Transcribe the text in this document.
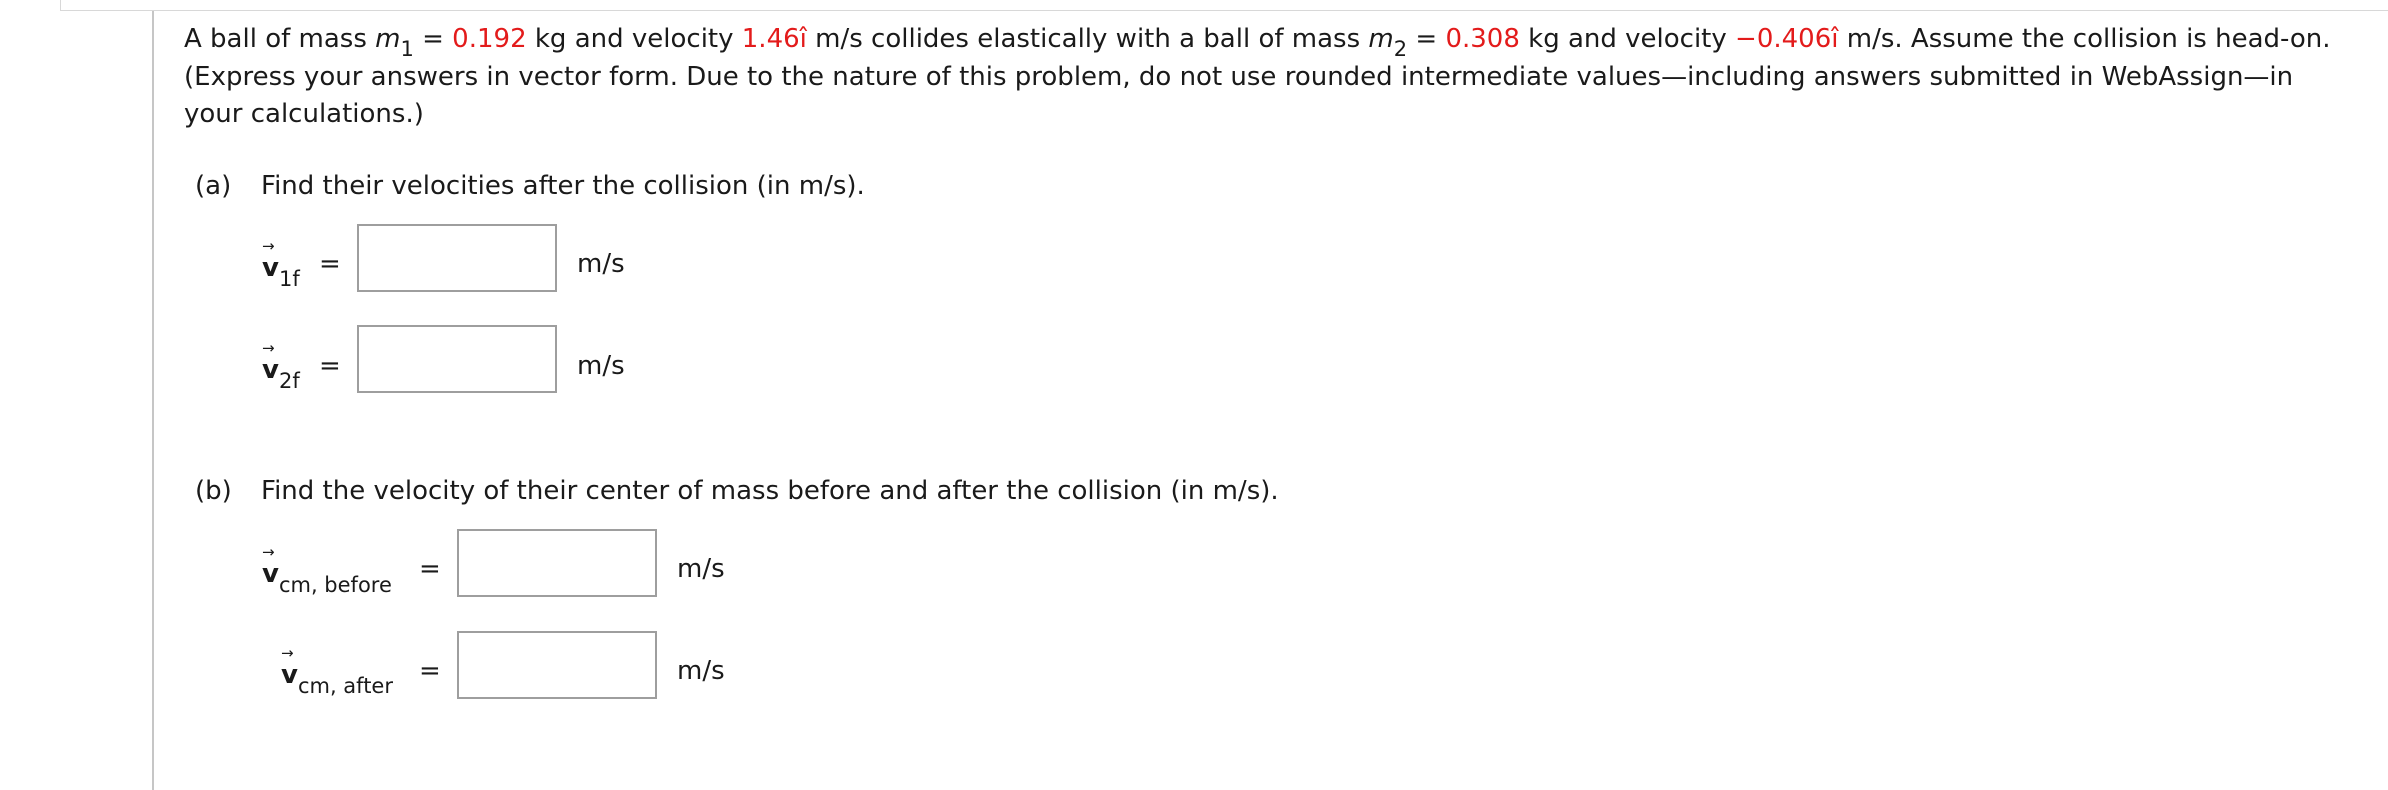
A ball of mass $m_1 = 0.192$ kg and velocity 1.46î m/s collides elastically with a ball of mass $m_2 = 0.308$ kg and velocity −0.406î m/s. Assume the collision is head-on. (Express your answers in vector form. Due to the nature of this problem, do not use rounded intermediate values—including answers submitted in WebAssign—in your calculations.)

(a) Find their velocities after the collision (in m/s).

→
$v_{1f}$ =	m/s
→
$v_{2f}$ =	m/s

(b) Find the velocity of their center of mass before and after the collision (in m/s).

→
$v_{cm, before}$
=	m/s
→
$v_{cm, after}$ =	m/s
